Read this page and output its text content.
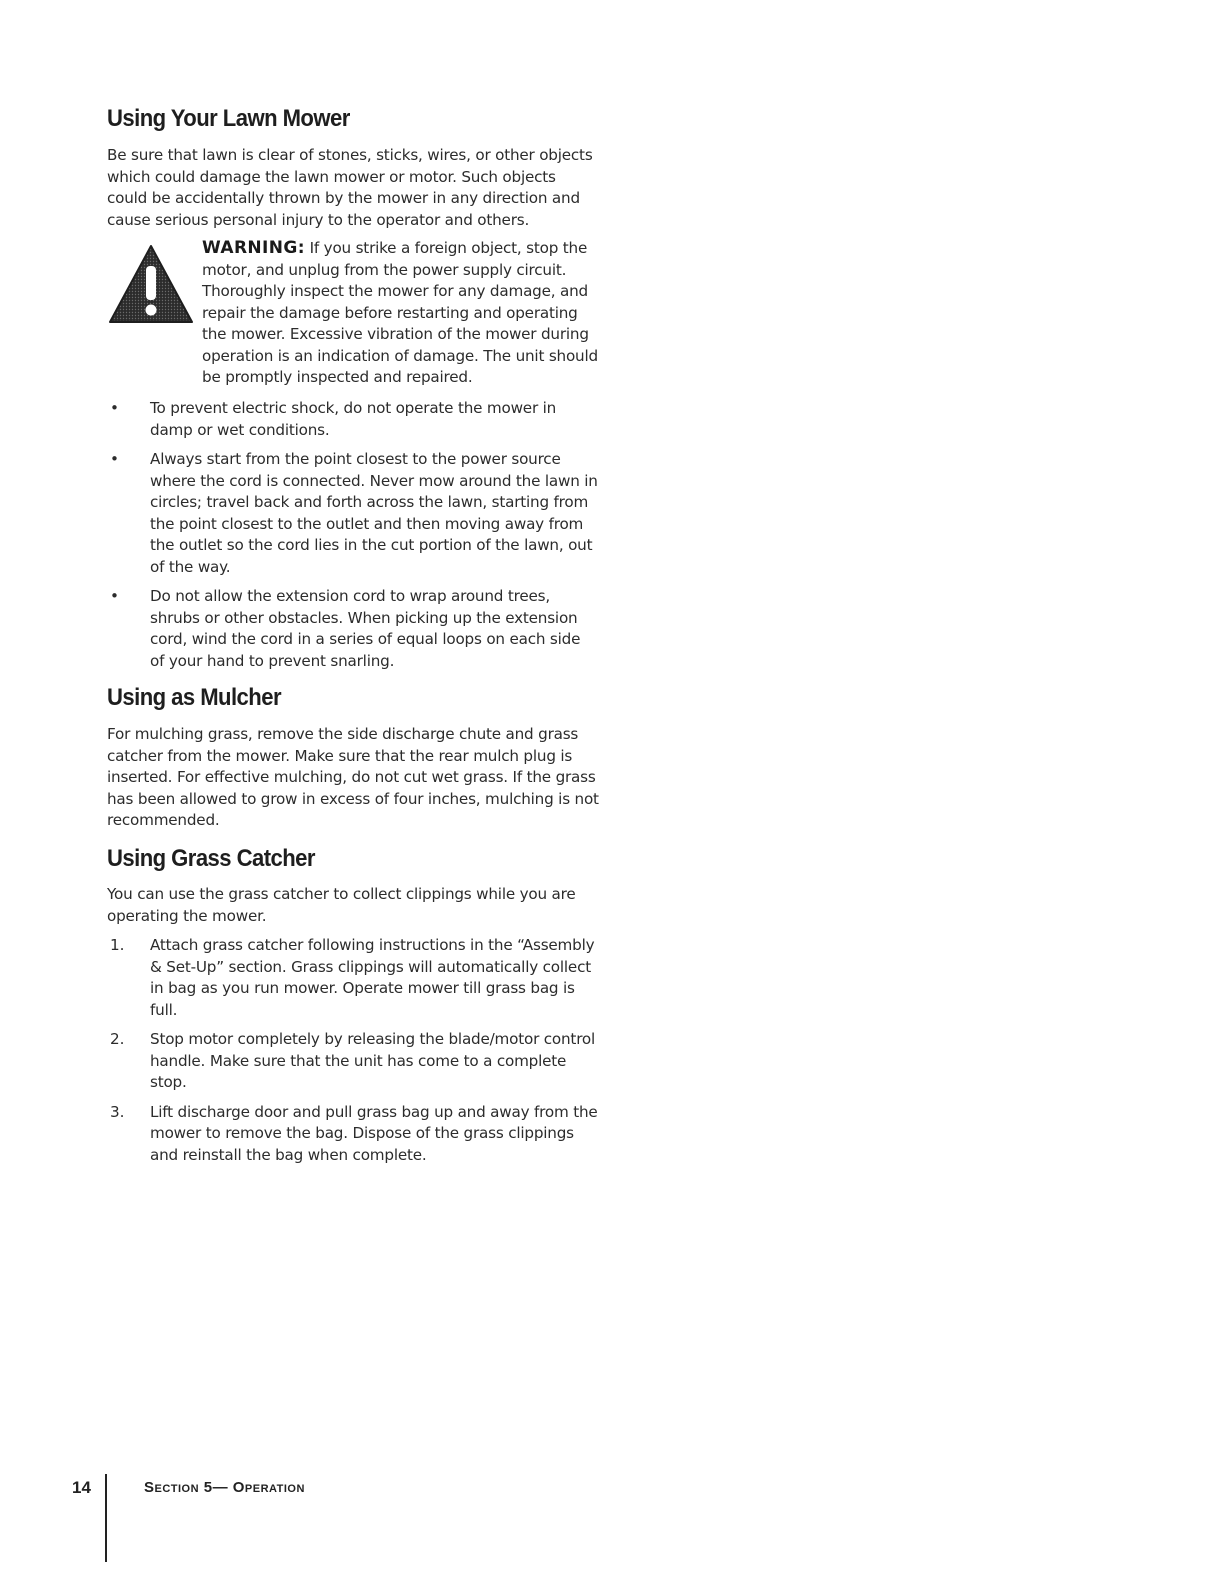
Using Your Lawn Mower

Be sure that lawn is clear of stones, sticks, wires, or other objects which could damage the lawn mower or motor. Such objects could be accidentally thrown by the mower in any direction and cause serious personal injury to the operator and others.

WARNING: If you strike a foreign object, stop the motor, and unplug from the power supply circuit. Thoroughly inspect the mower for any damage, and repair the damage before restarting and operating the mower. Excessive vibration of the mower during operation is an indication of damage. The unit should be promptly inspected and repaired.

• To prevent electric shock, do not operate the mower in damp or wet conditions.

• Always start from the point closest to the power source where the cord is connected. Never mow around the lawn in circles; travel back and forth across the lawn, starting from the point closest to the outlet and then moving away from the outlet so the cord lies in the cut portion of the lawn, out of the way.

• Do not allow the extension cord to wrap around trees, shrubs or other obstacles. When picking up the extension cord, wind the cord in a series of equal loops on each side of your hand to prevent snarling.

Using as Mulcher

For mulching grass, remove the side discharge chute and grass catcher from the mower. Make sure that the rear mulch plug is inserted. For effective mulching, do not cut wet grass. If the grass has been allowed to grow in excess of four inches, mulching is not recommended.

Using Grass Catcher

You can use the grass catcher to collect clippings while you are operating the mower.

1. Attach grass catcher following instructions in the “Assembly & Set-Up” section. Grass clippings will automatically collect in bag as you run mower. Operate mower till grass bag is full.

2. Stop motor completely by releasing the blade/motor control handle. Make sure that the unit has come to a complete stop.

3. Lift discharge door and pull grass bag up and away from the mower to remove the bag. Dispose of the grass clippings and reinstall the bag when complete.

14	Section 5— Operation
